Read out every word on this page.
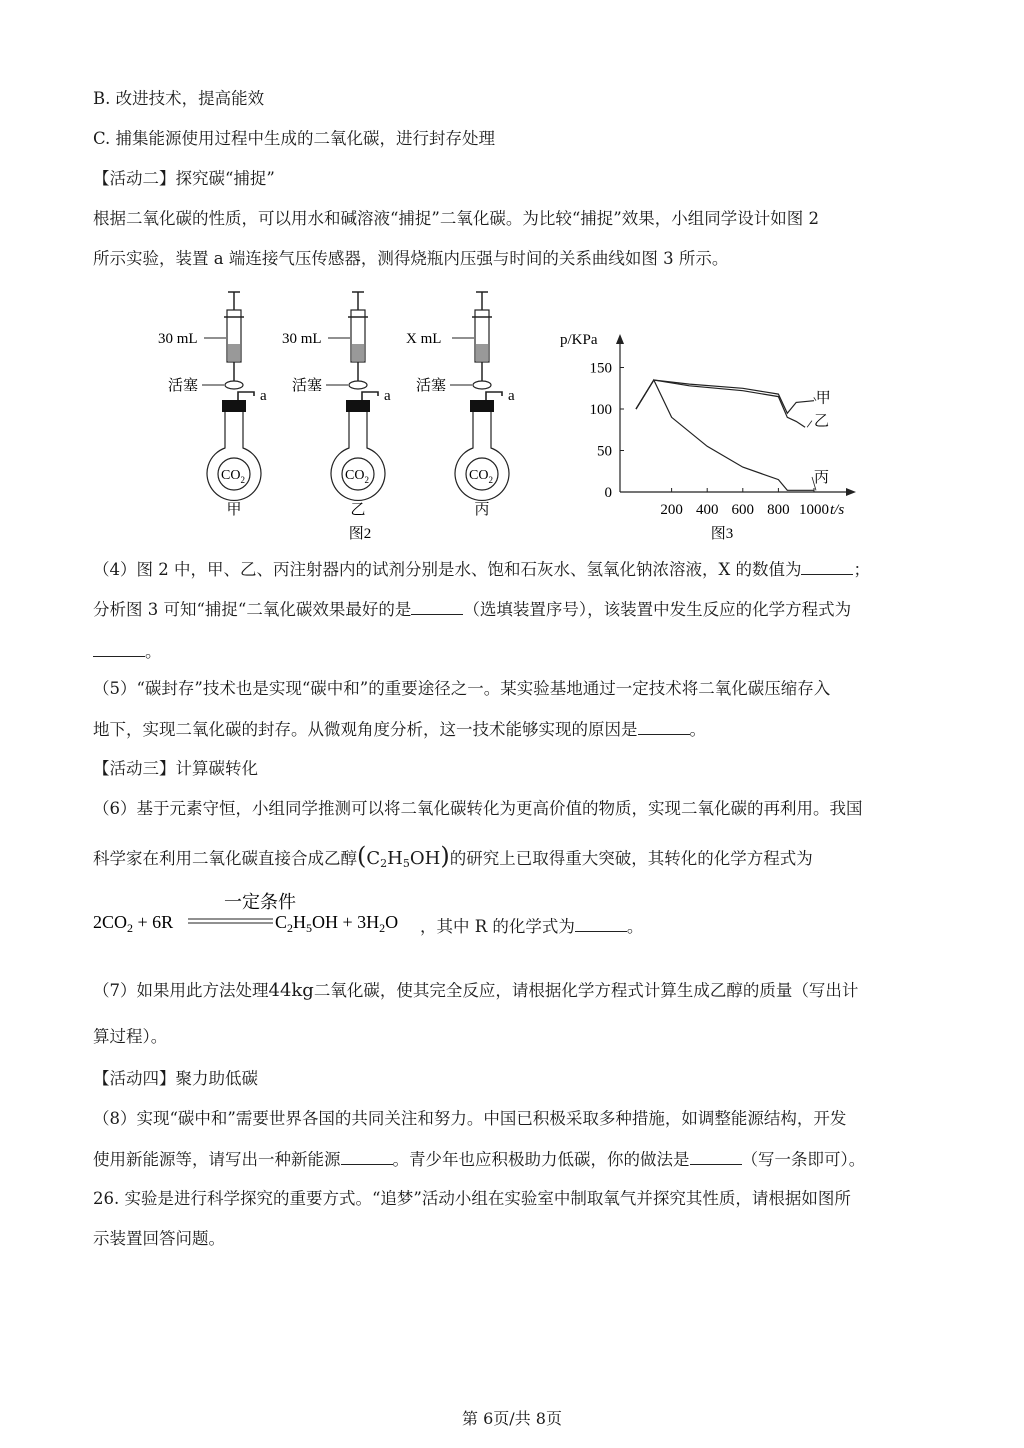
B. 改进技术，提高能效
C. 捕集能源使用过程中生成的二氧化碳，进行封存处理
【活动二】探究碳“捕捉”
根据二氧化碳的性质，可以用水和碱溶液“捕捉”二氧化碳。为比较“捕捉”效果，小组同学设计如图 2
所示实验，装置 a 端连接气压传感器，测得烧瓶内压强与时间的关系曲线如图 3 所示。
30 mL
活塞
a
$CO_2$
甲
30 mL
活塞
a
$CO_2$
乙
X mL
活塞
a
$CO_2$
丙
图2
p/KPa
t/s
0
50
100
150
200 400 600 800 1000
甲
乙
丙
图3
（4）图 2 中，甲、乙、丙注射器内的试剂分别是水、饱和石灰水、氢氧化钠浓溶液，X 的数值为	；
分析图 3 可知“捕捉“二氧化碳效果最好的是	（选填装置序号），该装置中发生反应的化学方程式为
。
（5）“碳封存”技术也是实现“碳中和”的重要途径之一。某实验基地通过一定技术将二氧化碳压缩存入
地下，实现二氧化碳的封存。从微观角度分析，这一技术能够实现的原因是	。
【活动三】计算碳转化
（6）基于元素守恒，小组同学推测可以将二氧化碳转化为更高价值的物质，实现二氧化碳的再利用。我国
科学家在利用二氧化碳直接合成乙醇$(C_2H_5OH)$的研究上已取得重大突破，其转化的化学方程式为
$2CO_2 + 6R$
一定条件
$C_2H_5OH + 3H_2O$ ，其中 R 的化学式为	。
（7）如果用此方法处理44kg二氧化碳，使其完全反应，请根据化学方程式计算生成乙醇的质量（写出计
算过程）。
【活动四】聚力助低碳
（8）实现“碳中和”需要世界各国的共同关注和努力。中国已积极采取多种措施，如调整能源结构，开发
使用新能源等，请写出一种新能源	。青少年也应积极助力低碳，你的做法是	（写一条即可）。
26. 实验是进行科学探究的重要方式。“追梦”活动小组在实验室中制取氧气并探究其性质，请根据如图所
示装置回答问题。
第 6页/共 8页
